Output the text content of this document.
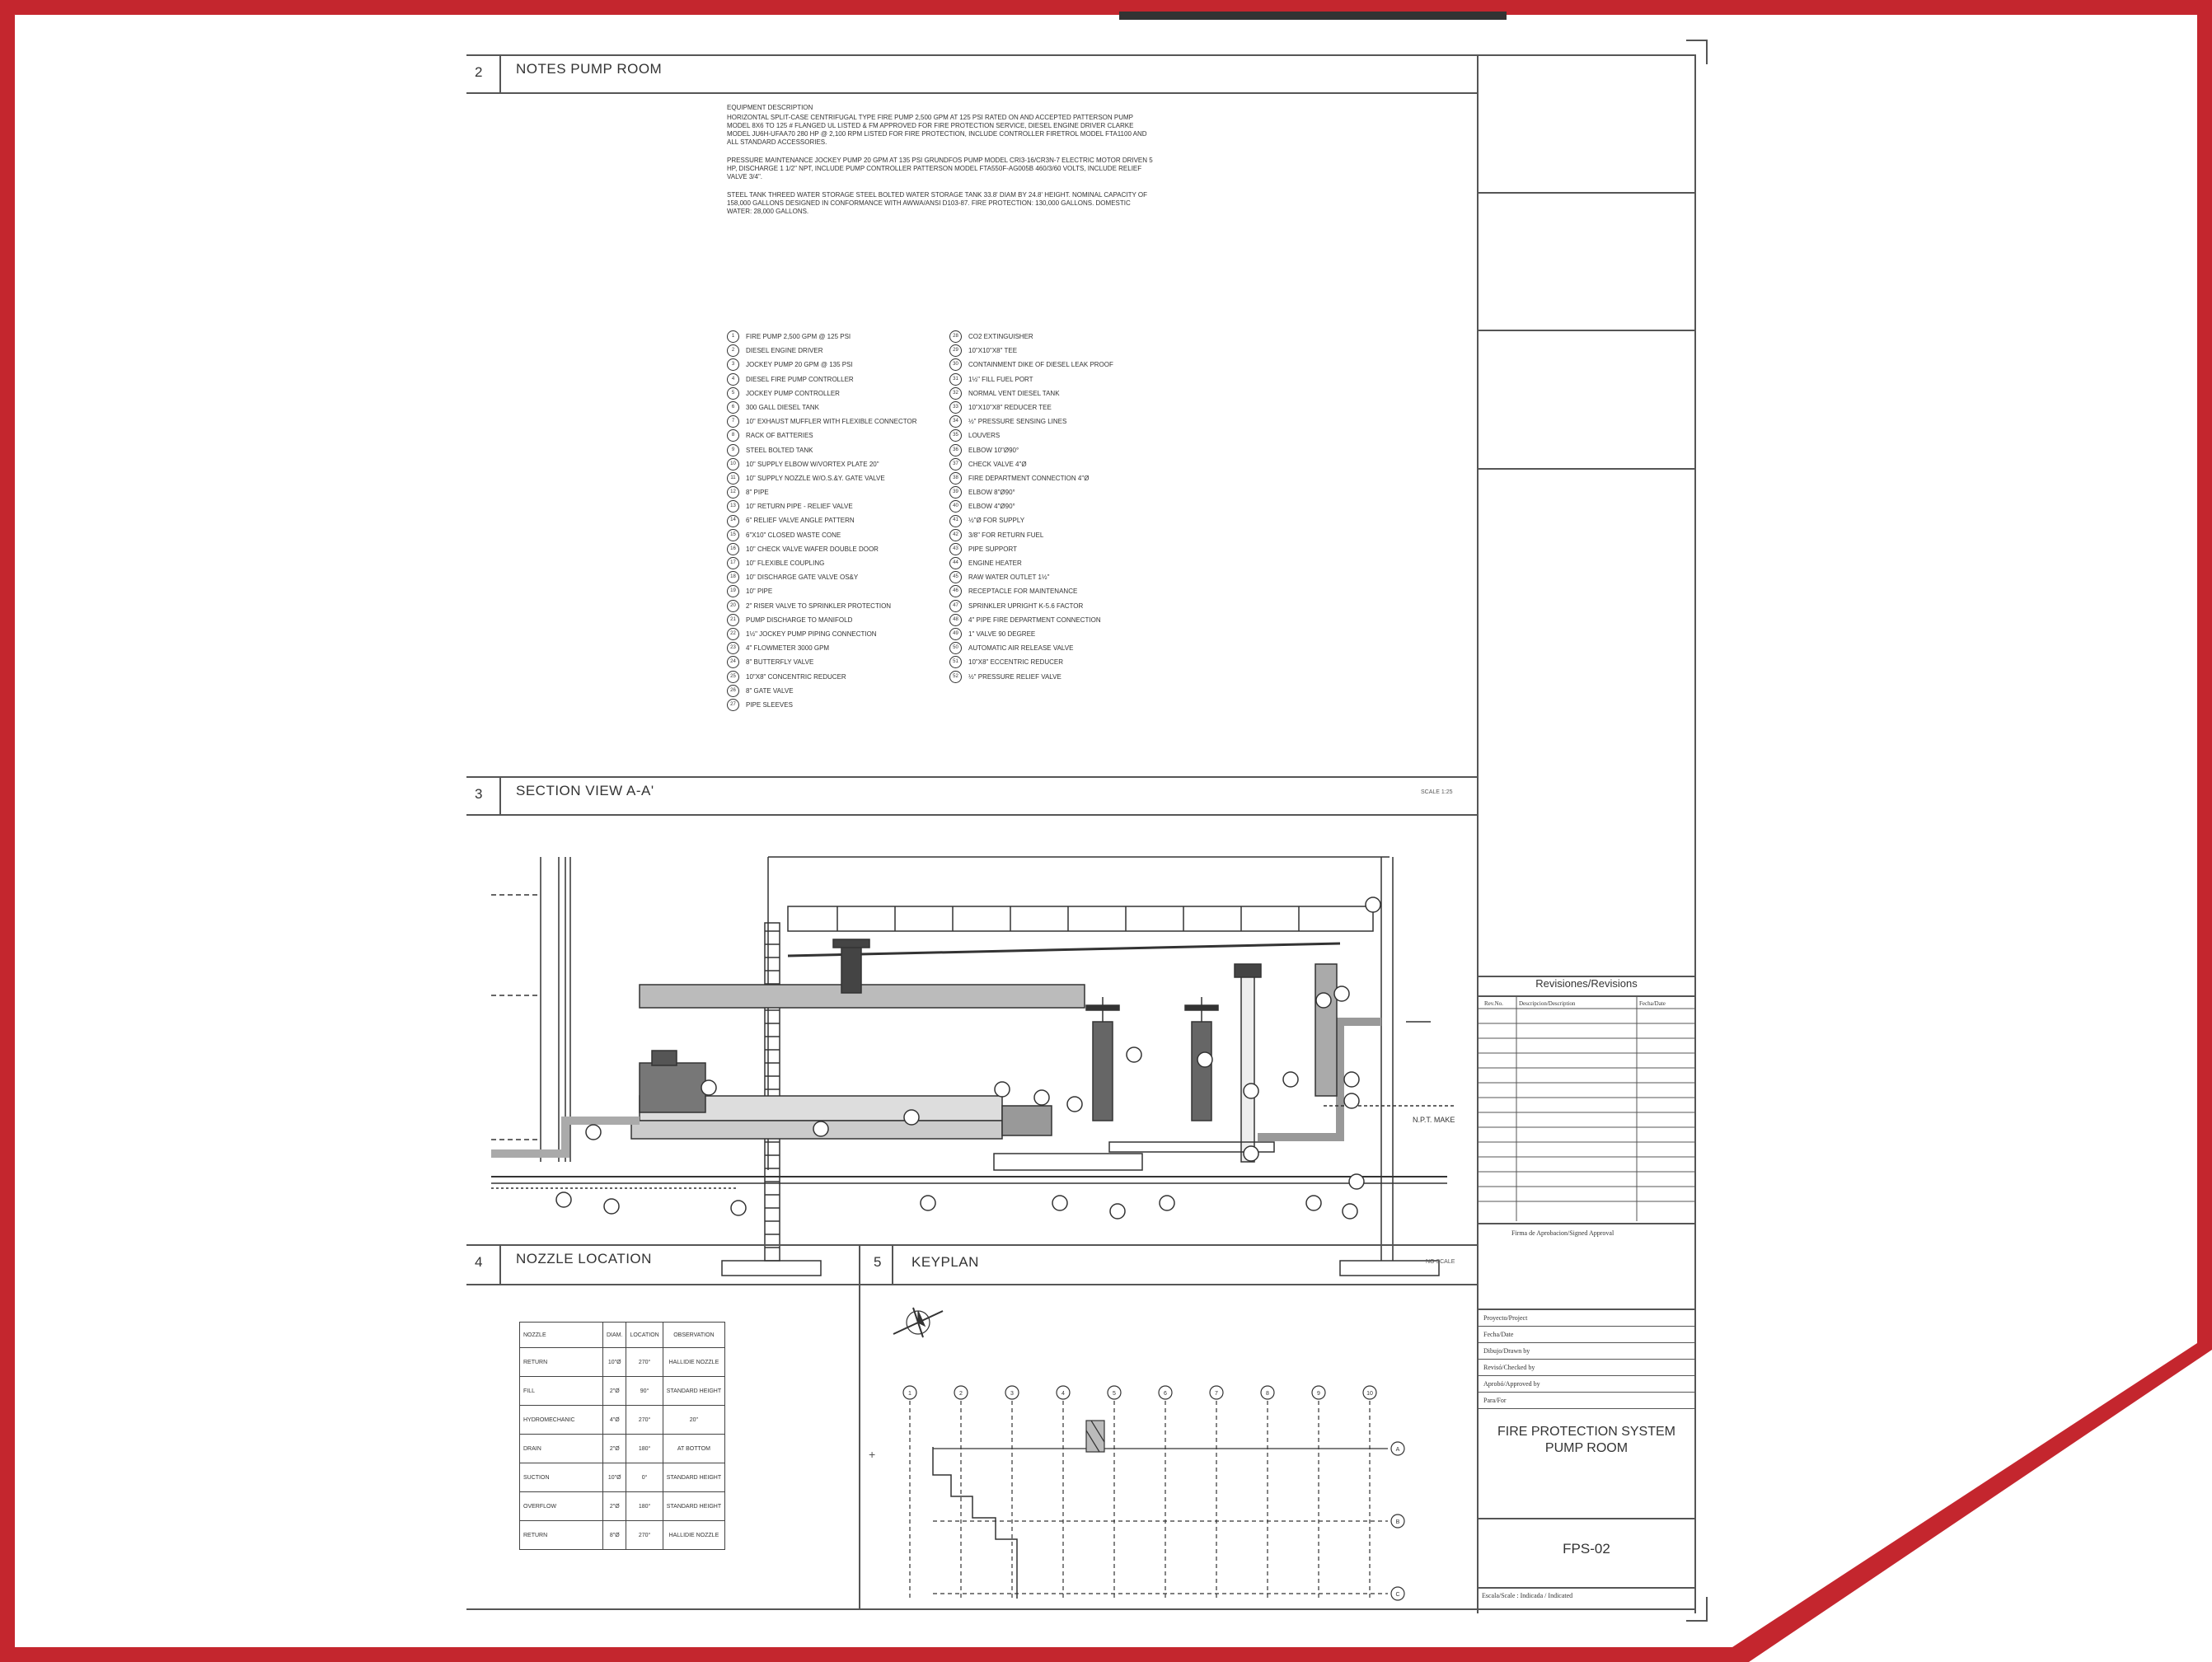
2 NOTES PUMP ROOM

EQUIPMENT DESCRIPTION

HORIZONTAL SPLIT-CASE CENTRIFUGAL TYPE FIRE PUMP 2,500 GPM AT 125 PSI RATED ON AND ACCEPTED PATTERSON PUMP MODEL 8X6 TO 125 # FLANGED UL LISTED & FM APPROVED FOR FIRE PROTECTION SERVICE, DIESEL ENGINE DRIVER CLARKE MODEL JU6H-UFAA70 280 HP @ 2,100 RPM LISTED FOR FIRE PROTECTION, INCLUDE CONTROLLER FIRETROL MODEL FTA1100 AND ALL STANDARD ACCESSORIES.

PRESSURE MAINTENANCE JOCKEY PUMP 20 GPM AT 135 PSI GRUNDFOS PUMP MODEL CRI3-16/CR3N-7 ELECTRIC MOTOR DRIVEN 5 HP, DISCHARGE 1 1/2" NPT, INCLUDE PUMP CONTROLLER PATTERSON MODEL FTA550F-AG005B 460/3/60 VOLTS, INCLUDE RELIEF VALVE 3/4".

STEEL TANK THREED WATER STORAGE STEEL BOLTED WATER STORAGE TANK 33.8' DIAM BY 24.8' HEIGHT. NOMINAL CAPACITY OF 158,000 GALLONS DESIGNED IN CONFORMANCE WITH AWWA/ANSI D103-87. FIRE PROTECTION: 130,000 GALLONS. DOMESTIC WATER: 28,000 GALLONS.

1	FIRE PUMP 2,500 GPM @ 125 PSI
2	DIESEL ENGINE DRIVER
3	JOCKEY PUMP 20 GPM @ 135 PSI
4	DIESEL FIRE PUMP CONTROLLER
5	JOCKEY PUMP CONTROLLER
6	300 GALL DIESEL TANK
7	10" EXHAUST MUFFLER WITH FLEXIBLE CONNECTOR
8	RACK OF BATTERIES
9	STEEL BOLTED TANK
10	10" SUPPLY ELBOW W/VORTEX PLATE 20"
11	10" SUPPLY NOZZLE W/O.S.&Y. GATE VALVE
12	8" PIPE
13	10" RETURN PIPE - RELIEF VALVE
14	6" RELIEF VALVE ANGLE PATTERN
15	6"X10" CLOSED WASTE CONE
16	10" CHECK VALVE WAFER DOUBLE DOOR
17	10" FLEXIBLE COUPLING
18	10" DISCHARGE GATE VALVE OS&Y
19	10" PIPE
20	2" RISER VALVE TO SPRINKLER PROTECTION
21	PUMP DISCHARGE TO MANIFOLD
22	1½" JOCKEY PUMP PIPING CONNECTION
23	4" FLOWMETER 3000 GPM
24	8" BUTTERFLY VALVE
25	10"X8" CONCENTRIC REDUCER
26	8" GATE VALVE
27	PIPE SLEEVES
28	CO2 EXTINGUISHER
29	10"X10"X8" TEE
30	CONTAINMENT DIKE OF DIESEL LEAK PROOF
31	1½" FILL FUEL PORT
32	NORMAL VENT DIESEL TANK
33	10"X10"X8" REDUCER TEE
34	½" PRESSURE SENSING LINES
35	LOUVERS
36	ELBOW 10"Ø90°
37	CHECK VALVE 4"Ø
38	FIRE DEPARTMENT CONNECTION 4"Ø
39	ELBOW 8"Ø90°
40	ELBOW 4"Ø90°
41	½"Ø FOR SUPPLY
42	3/8" FOR RETURN FUEL
43	PIPE SUPPORT
44	ENGINE HEATER
45	RAW WATER OUTLET 1½"
46	RECEPTACLE FOR MAINTENANCE
47	SPRINKLER UPRIGHT K-5.6 FACTOR
48	4" PIPE FIRE DEPARTMENT CONNECTION
49	1" VALVE 90 DEGREE
50	AUTOMATIC AIR RELEASE VALVE
51	10"X8" ECCENTRIC REDUCER
52	½" PRESSURE RELIEF VALVE
3 SECTION VIEW A-A'	SCALE 1:25
N.P.T. MAKE
4 NOZZLE LOCATION	5 KEYPLAN	NO SCALE
NOZZLE	DIAM.	LOCATION	OBSERVATION
RETURN	10"Ø	270°	HALLIDIE NOZZLE
FILL	2"Ø	90°	STANDARD HEIGHT
HYDROMECHANIC	4"Ø	270°	20"
DRAIN	2"Ø	180°	AT BOTTOM
SUCTION	10"Ø	0°	STANDARD HEIGHT
OVERFLOW	2"Ø	180°	STANDARD HEIGHT
RETURN	8"Ø	270°	HALLIDIE NOZZLE
+
1	2	3	4	5	6	7	8	9	10
A
B
C
Revisiones/Revisions
Rev.No.	Descripcion/Description	Fecha/Date
Firma de Aprobacion/Signed Approval
Proyecto/Project
Fecha/Date
Dibujo/Drawn by
Revisó/Checked by
Aprobó/Approved by
Para/For
FIRE PROTECTION SYSTEM
PUMP ROOM
FPS-02
Escala/Scale : Indicada / Indicated
